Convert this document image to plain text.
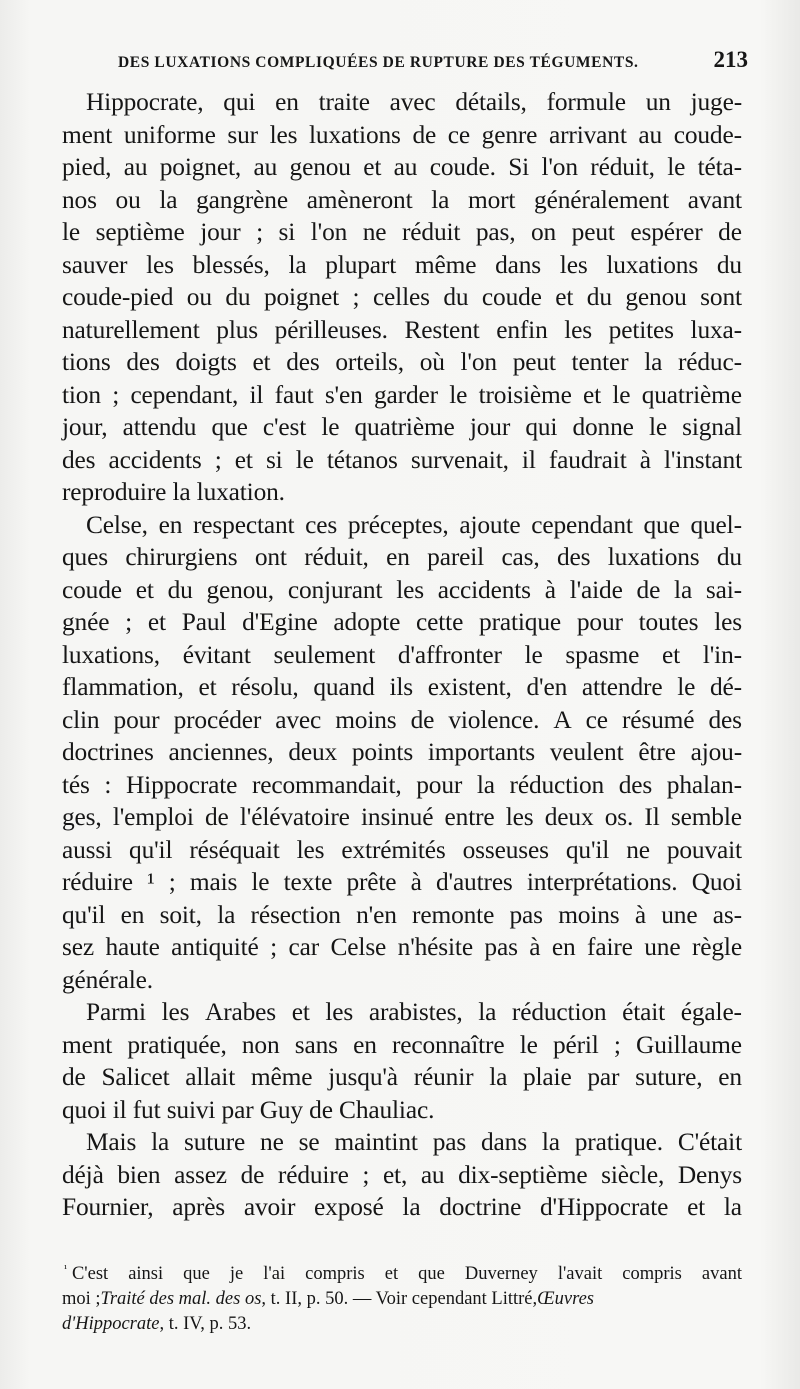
DES LUXATIONS COMPLIQUÉES DE RUPTURE DES TÉGUMENTS.	213
Hippocrate, qui en traite avec détails, formule un juge-
ment uniforme sur les luxations de ce genre arrivant au coude-
pied, au poignet, au genou et au coude. Si l'on réduit, le téta-
nos ou la gangrène amèneront la mort généralement avant
le septième jour ; si l'on ne réduit pas, on peut espérer de
sauver les blessés, la plupart même dans les luxations du
coude-pied ou du poignet ; celles du coude et du genou sont
naturellement plus périlleuses. Restent enfin les petites luxa-
tions des doigts et des orteils, où l'on peut tenter la réduc-
tion ; cependant, il faut s'en garder le troisième et le quatrième
jour, attendu que c'est le quatrième jour qui donne le signal
des accidents ; et si le tétanos survenait, il faudrait à l'instant
reproduire la luxation.
Celse, en respectant ces préceptes, ajoute cependant que quel-
ques chirurgiens ont réduit, en pareil cas, des luxations du
coude et du genou, conjurant les accidents à l'aide de la sai-
gnée ; et Paul d'Egine adopte cette pratique pour toutes les
luxations, évitant seulement d'affronter le spasme et l'in-
flammation, et résolu, quand ils existent, d'en attendre le dé-
clin pour procéder avec moins de violence. A ce résumé des
doctrines anciennes, deux points importants veulent être ajou-
tés : Hippocrate recommandait, pour la réduction des phalan-
ges, l'emploi de l'élévatoire insinué entre les deux os. Il semble
aussi qu'il réséquait les extrémités osseuses qu'il ne pouvait
réduire ¹ ; mais le texte prête à d'autres interprétations. Quoi
qu'il en soit, la résection n'en remonte pas moins à une as-
sez haute antiquité ; car Celse n'hésite pas à en faire une règle
générale.
Parmi les Arabes et les arabistes, la réduction était égale-
ment pratiquée, non sans en reconnaître le péril ; Guillaume
de Salicet allait même jusqu'à réunir la plaie par suture, en
quoi il fut suivi par Guy de Chauliac.
Mais la suture ne se maintint pas dans la pratique. C'était
déjà bien assez de réduire ; et, au dix-septième siècle, Denys
Fournier, après avoir exposé la doctrine d'Hippocrate et la
$^{^1}$ C'est ainsi que je l'ai compris et que Duverney l'avait compris avant
moi ; Traité des mal. des os , t. II, p. 50. — Voir cependant Littré, Œuvres
d'Hippocrate , t. IV, p. 53.
